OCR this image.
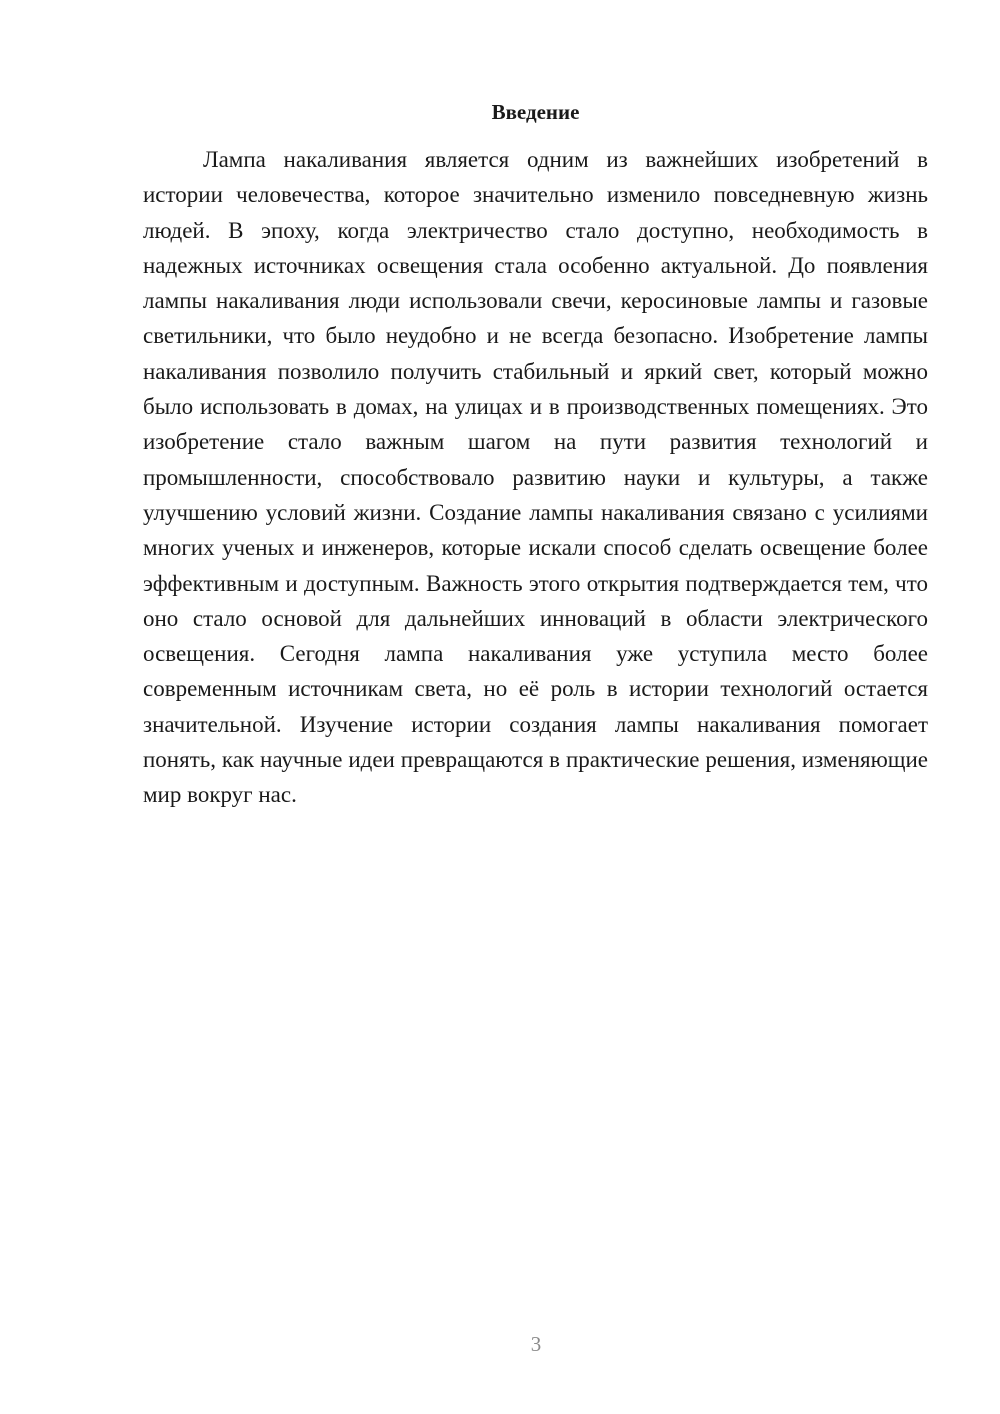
Введение

Лампа накаливания является одним из важнейших изобретений в истории человечества, которое значительно изменило повседневную жизнь людей. В эпоху, когда электричество стало доступно, необходимость в надежных источниках освещения стала особенно актуальной. До появления лампы накаливания люди использовали свечи, керосиновые лампы и газовые светильники, что было неудобно и не всегда безопасно. Изобретение лампы накаливания позволило получить стабильный и яркий свет, который можно было использовать в домах, на улицах и в производственных помещениях. Это изобретение стало важным шагом на пути развития технологий и промышленности, способствовало развитию науки и культуры, а также улучшению условий жизни. Создание лампы накаливания связано с усилиями многих ученых и инженеров, которые искали способ сделать освещение более эффективным и доступным. Важность этого открытия подтверждается тем, что оно стало основой для дальнейших инноваций в области электрического освещения. Сегодня лампа накаливания уже уступила место более современным источникам света, но её роль в истории технологий остается значительной. Изучение истории создания лампы накаливания помогает понять, как научные идеи превращаются в практические решения, изменяющие мир вокруг нас.

3
